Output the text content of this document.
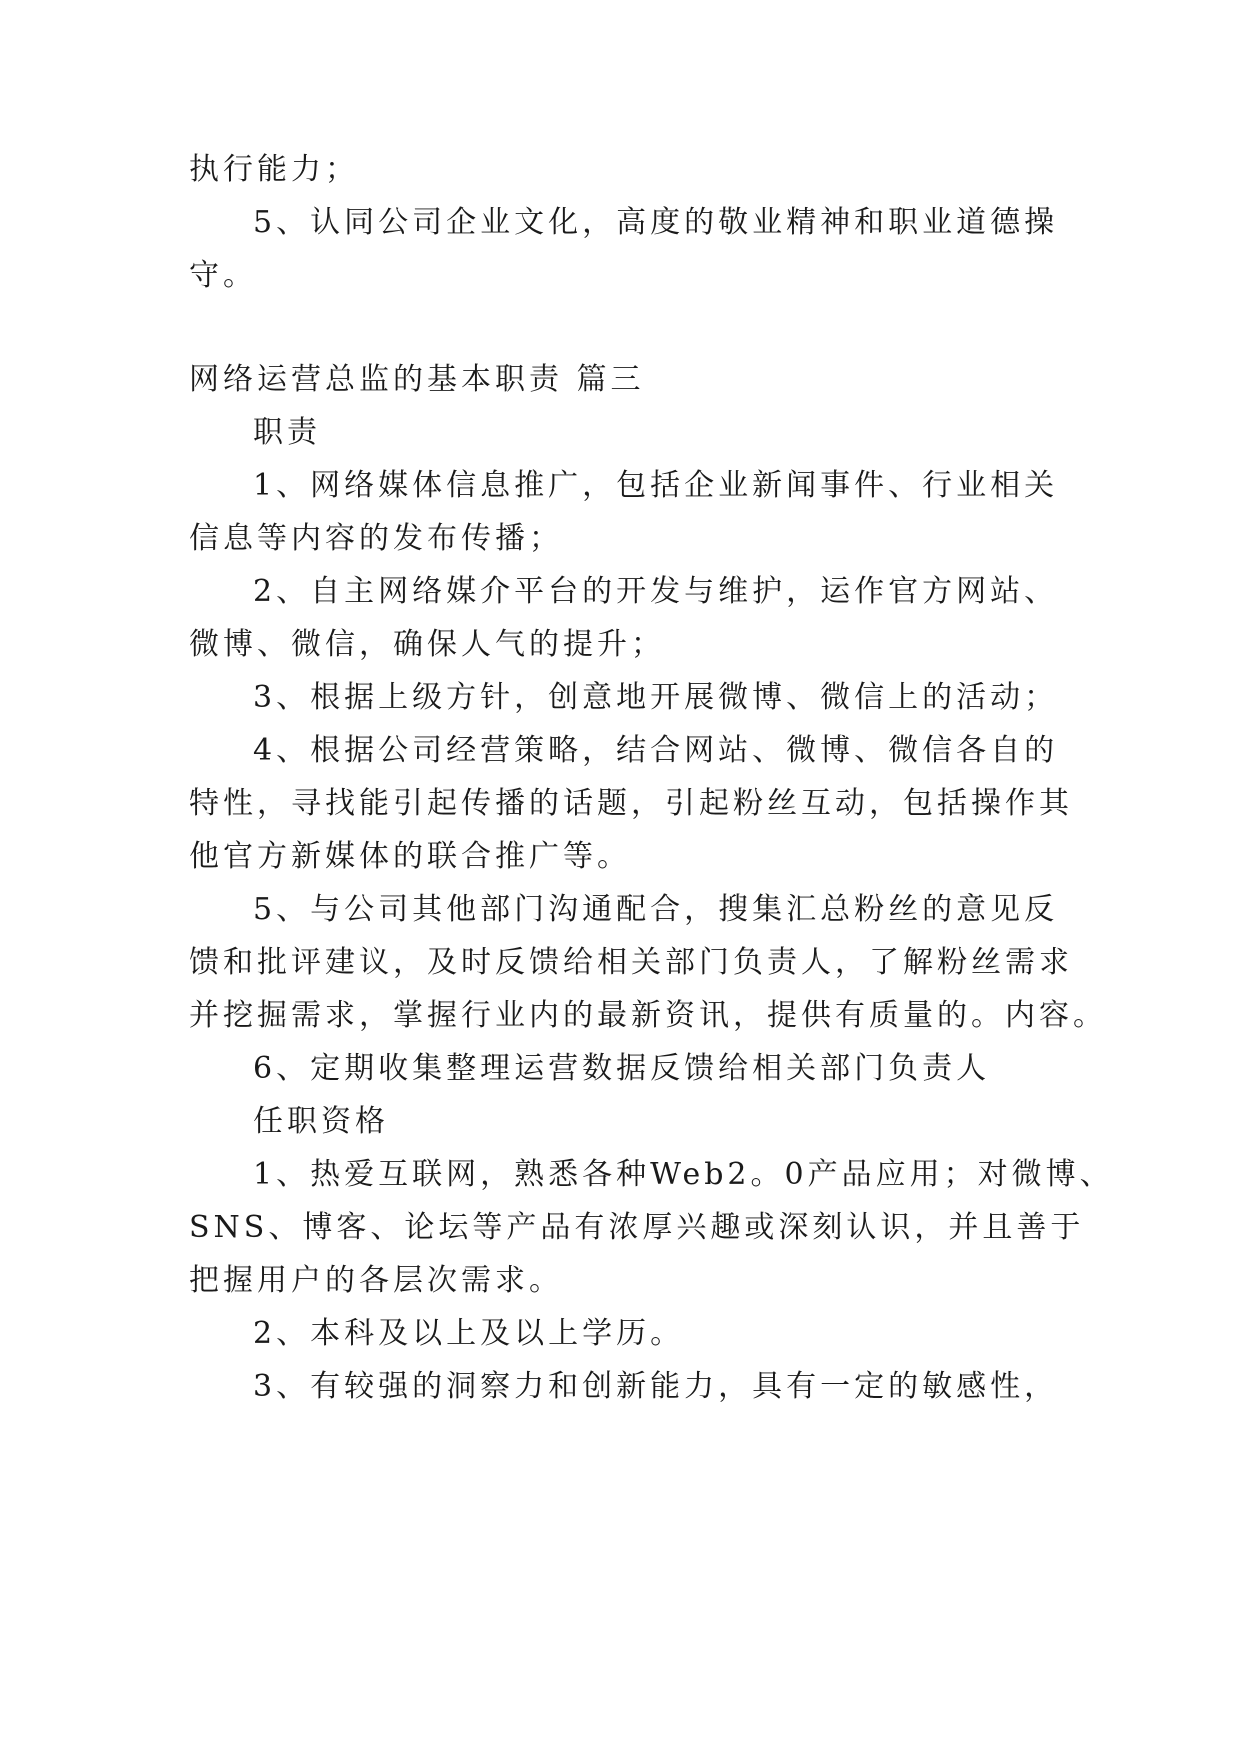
执行能力；
5、认同公司企业文化，高度的敬业精神和职业道德操
守。
网络运营总监的基本职责 篇三
职责
1、网络媒体信息推广，包括企业新闻事件、行业相关
信息等内容的发布传播；
2、自主网络媒介平台的开发与维护，运作官方网站、
微博、微信，确保人气的提升；
3、根据上级方针，创意地开展微博、微信上的活动；
4、根据公司经营策略，结合网站、微博、微信各自的
特性，寻找能引起传播的话题，引起粉丝互动，包括操作其
他官方新媒体的联合推广等。
5、与公司其他部门沟通配合，搜集汇总粉丝的意见反
馈和批评建议，及时反馈给相关部门负责人，了解粉丝需求
并挖掘需求，掌握行业内的最新资讯，提供有质量的。内容。
6、定期收集整理运营数据反馈给相关部门负责人
任职资格
1、热爱互联网，熟悉各种Web2。0产品应用；对微博、
SNS、博客、论坛等产品有浓厚兴趣或深刻认识，并且善于
把握用户的各层次需求。
2、本科及以上及以上学历。
3、有较强的洞察力和创新能力，具有一定的敏感性，
